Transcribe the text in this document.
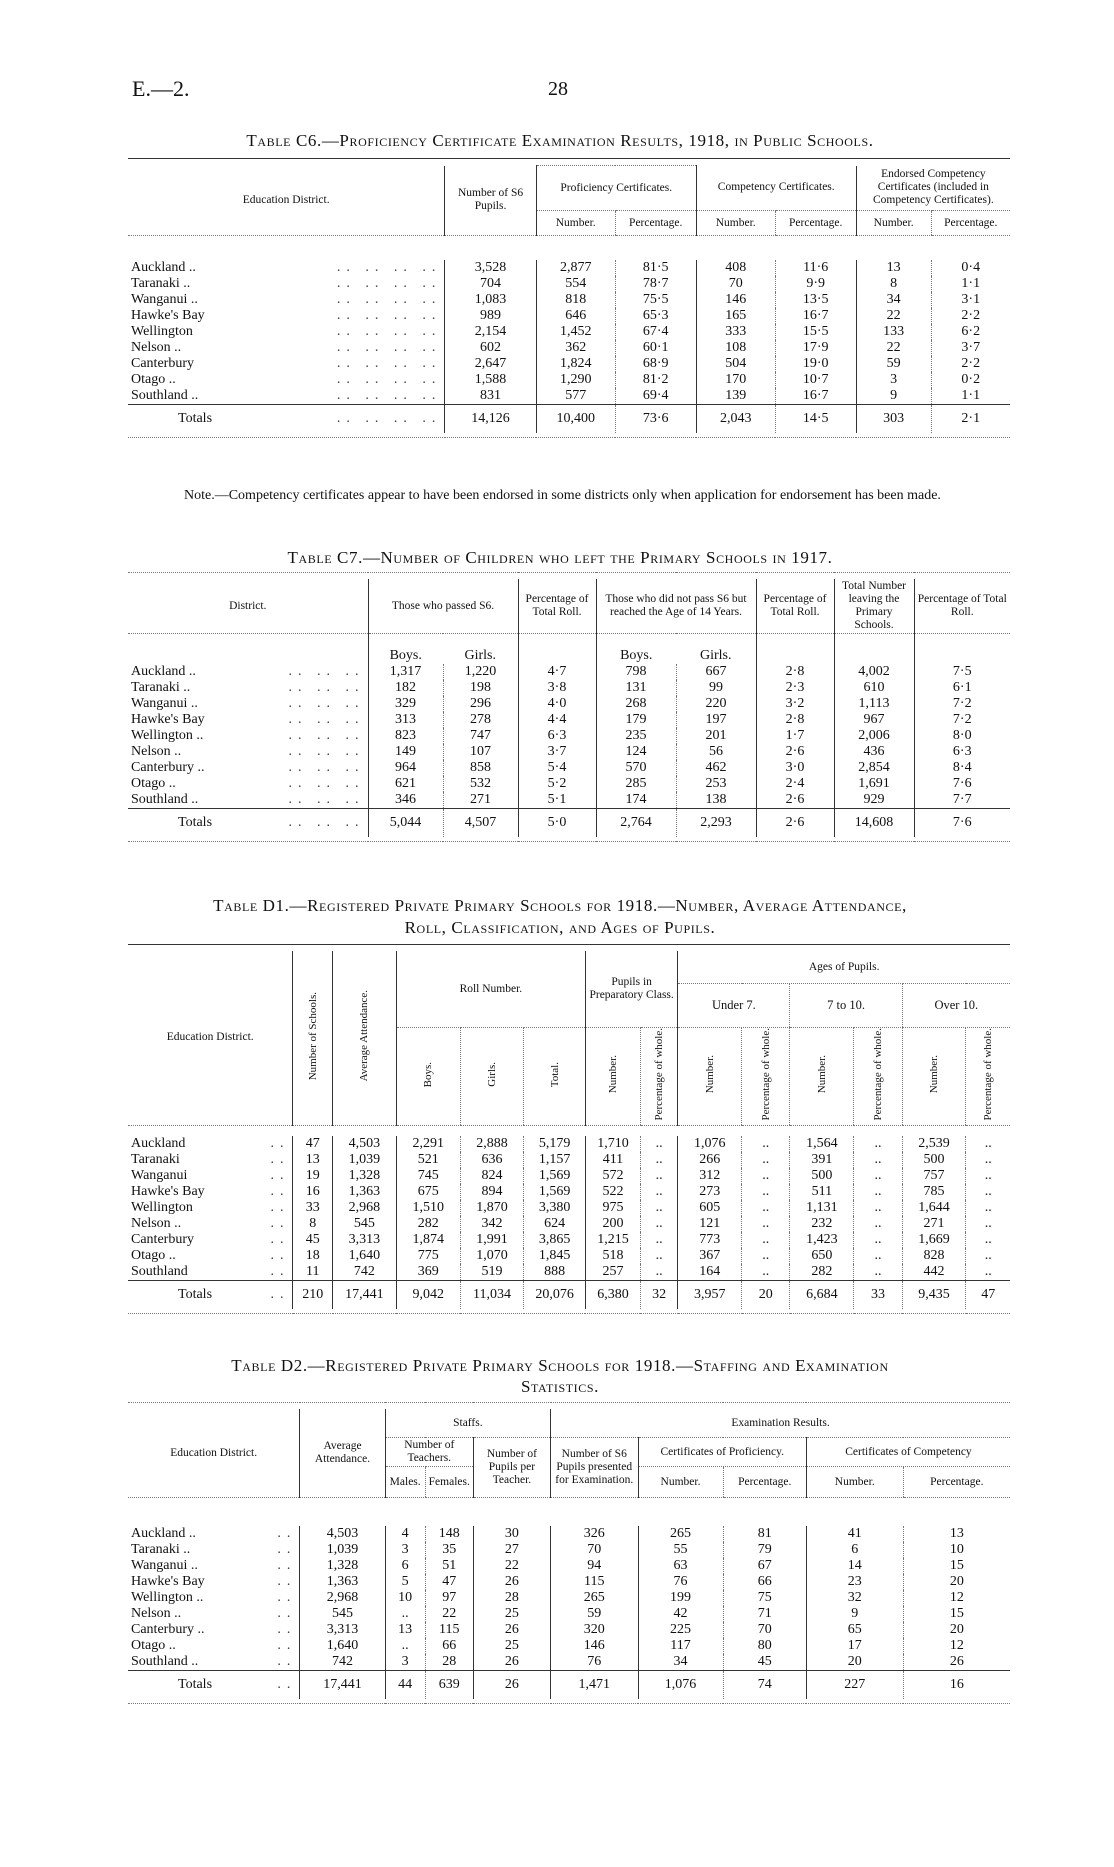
E.—2.	28
Table C6.—Proficiency Certificate Examination Results, 1918, in Public Schools.

Education District.	Number of S6 Pupils.	Proficiency Certificates.		Competency Certificates.		Endorsed Competency Certificates (included in Competency Certificates).	
		Number.	Percentage.	Number.	Percentage.	Number.	Percentage.

Auckland .. .. .. .. ..	3,528	2,877	81·5	408	11·6	13	0·4
Taranaki .. .. .. .. ..	704	554	78·7	70	9·9	8	1·1
Wanganui .. .. .. .. ..	1,083	818	75·5	146	13·5	34	3·1
Hawke's Bay .. .. .. ..	989	646	65·3	165	16·7	22	2·2
Wellington .. .. .. ..	2,154	1,452	67·4	333	15·5	133	6·2
Nelson .. .. .. .. ..	602	362	60·1	108	17·9	22	3·7
Canterbury .. .. .. ..	2,647	1,824	68·9	504	19·0	59	2·2
Otago .. .. .. .. ..	1,588	1,290	81·2	170	10·7	3	0·2
Southland .. .. .. .. ..	831	577	69·4	139	16·7	9	1·1
Totals .. .. .. ..	14,126	10,400	73·6	2,043	14·5	303	2·1

Note.—Competency certificates appear to have been endorsed in some districts only when application for endorsement has been made.
Table C7.—Number of Children who left the Primary Schools in 1917.

District.	Those who passed S6.		Percentage of Total Roll.	Those who did not pass S6 but reached the Age of 14 Years.		Percentage of Total Roll.	Total Number leaving the Primary Schools.	Percentage of Total Roll.
	Boys.	Girls.		Boys.	Girls.			
Auckland .. .. .. ..	1,317	1,220	4·7	798	667	2·8	4,002	7·5
Taranaki .. .. .. ..	182	198	3·8	131	99	2·3	610	6·1
Wanganui .. .. .. ..	329	296	4·0	268	220	3·2	1,113	7·2
Hawke's Bay .. .. ..	313	278	4·4	179	197	2·8	967	7·2
Wellington .. .. .. ..	823	747	6·3	235	201	1·7	2,006	8·0
Nelson .. .. .. ..	149	107	3·7	124	56	2·6	436	6·3
Canterbury .. .. .. ..	964	858	5·4	570	462	3·0	2,854	8·4
Otago .. .. .. ..	621	532	5·2	285	253	2·4	1,691	7·6
Southland .. .. .. ..	346	271	5·1	174	138	2·6	929	7·7
Totals .. .. ..	5,044	4,507	5·0	2,764	2,293	2·6	14,608	7·6

Table D1.—Registered Private Primary Schools for 1918.—Number, Average Attendance,
Roll, Classification, and Ages of Pupils.

Education District.	Number of Schools.	Average Attendance.	Roll Number.			Pupils in Preparatory Class.		Ages of Pupils.					
								Under 7.		7 to 10.		Over 10.	
			Boys.	Girls.	Total.	Number.	Percentage of whole.	Number.	Percentage of whole.	Number.	Percentage of whole.	Number.	Percentage of whole.

Auckland ..	47	4,503	2,291	2,888	5,179	1,710	..	1,076	..	1,564	..	2,539	..
Taranaki ..	13	1,039	521	636	1,157	411	..	266	..	391	..	500	..
Wanganui ..	19	1,328	745	824	1,569	572	..	312	..	500	..	757	..
Hawke's Bay ..	16	1,363	675	894	1,569	522	..	273	..	511	..	785	..
Wellington ..	33	2,968	1,510	1,870	3,380	975	..	605	..	1,131	..	1,644	..
Nelson .. ..	8	545	282	342	624	200	..	121	..	232	..	271	..
Canterbury ..	45	3,313	1,874	1,991	3,865	1,215	..	773	..	1,423	..	1,669	..
Otago .. ..	18	1,640	775	1,070	1,845	518	..	367	..	650	..	828	..
Southland ..	11	742	369	519	888	257	..	164	..	282	..	442	..
Totals ..	210	17,441	9,042	11,034	20,076	6,380	32	3,957	20	6,684	33	9,435	47

Table D2.—Registered Private Primary Schools for 1918.—Staffing and Examination
Statistics.

Education District.	Average Attendance.	Staffs.			Examination Results.				
		Number of Teachers.		Number of Pupils per Teacher.	Number of S6 Pupils presented for Examination.	Certificates of Proficiency.		Certificates of Competency	
		Males.	Females.			Number.	Percentage.	Number.	Percentage.

Auckland .. ..	4,503	4	148	30	326	265	81	41	13
Taranaki .. ..	1,039	3	35	27	70	55	79	6	10
Wanganui .. ..	1,328	6	51	22	94	63	67	14	15
Hawke's Bay ..	1,363	5	47	26	115	76	66	23	20
Wellington .. ..	2,968	10	97	28	265	199	75	32	12
Nelson .. ..	545	..	22	25	59	42	71	9	15
Canterbury .. ..	3,313	13	115	26	320	225	70	65	20
Otago .. ..	1,640	..	66	25	146	117	80	17	12
Southland .. ..	742	3	28	26	76	34	45	20	26
Totals ..	17,441	44	639	26	1,471	1,076	74	227	16
